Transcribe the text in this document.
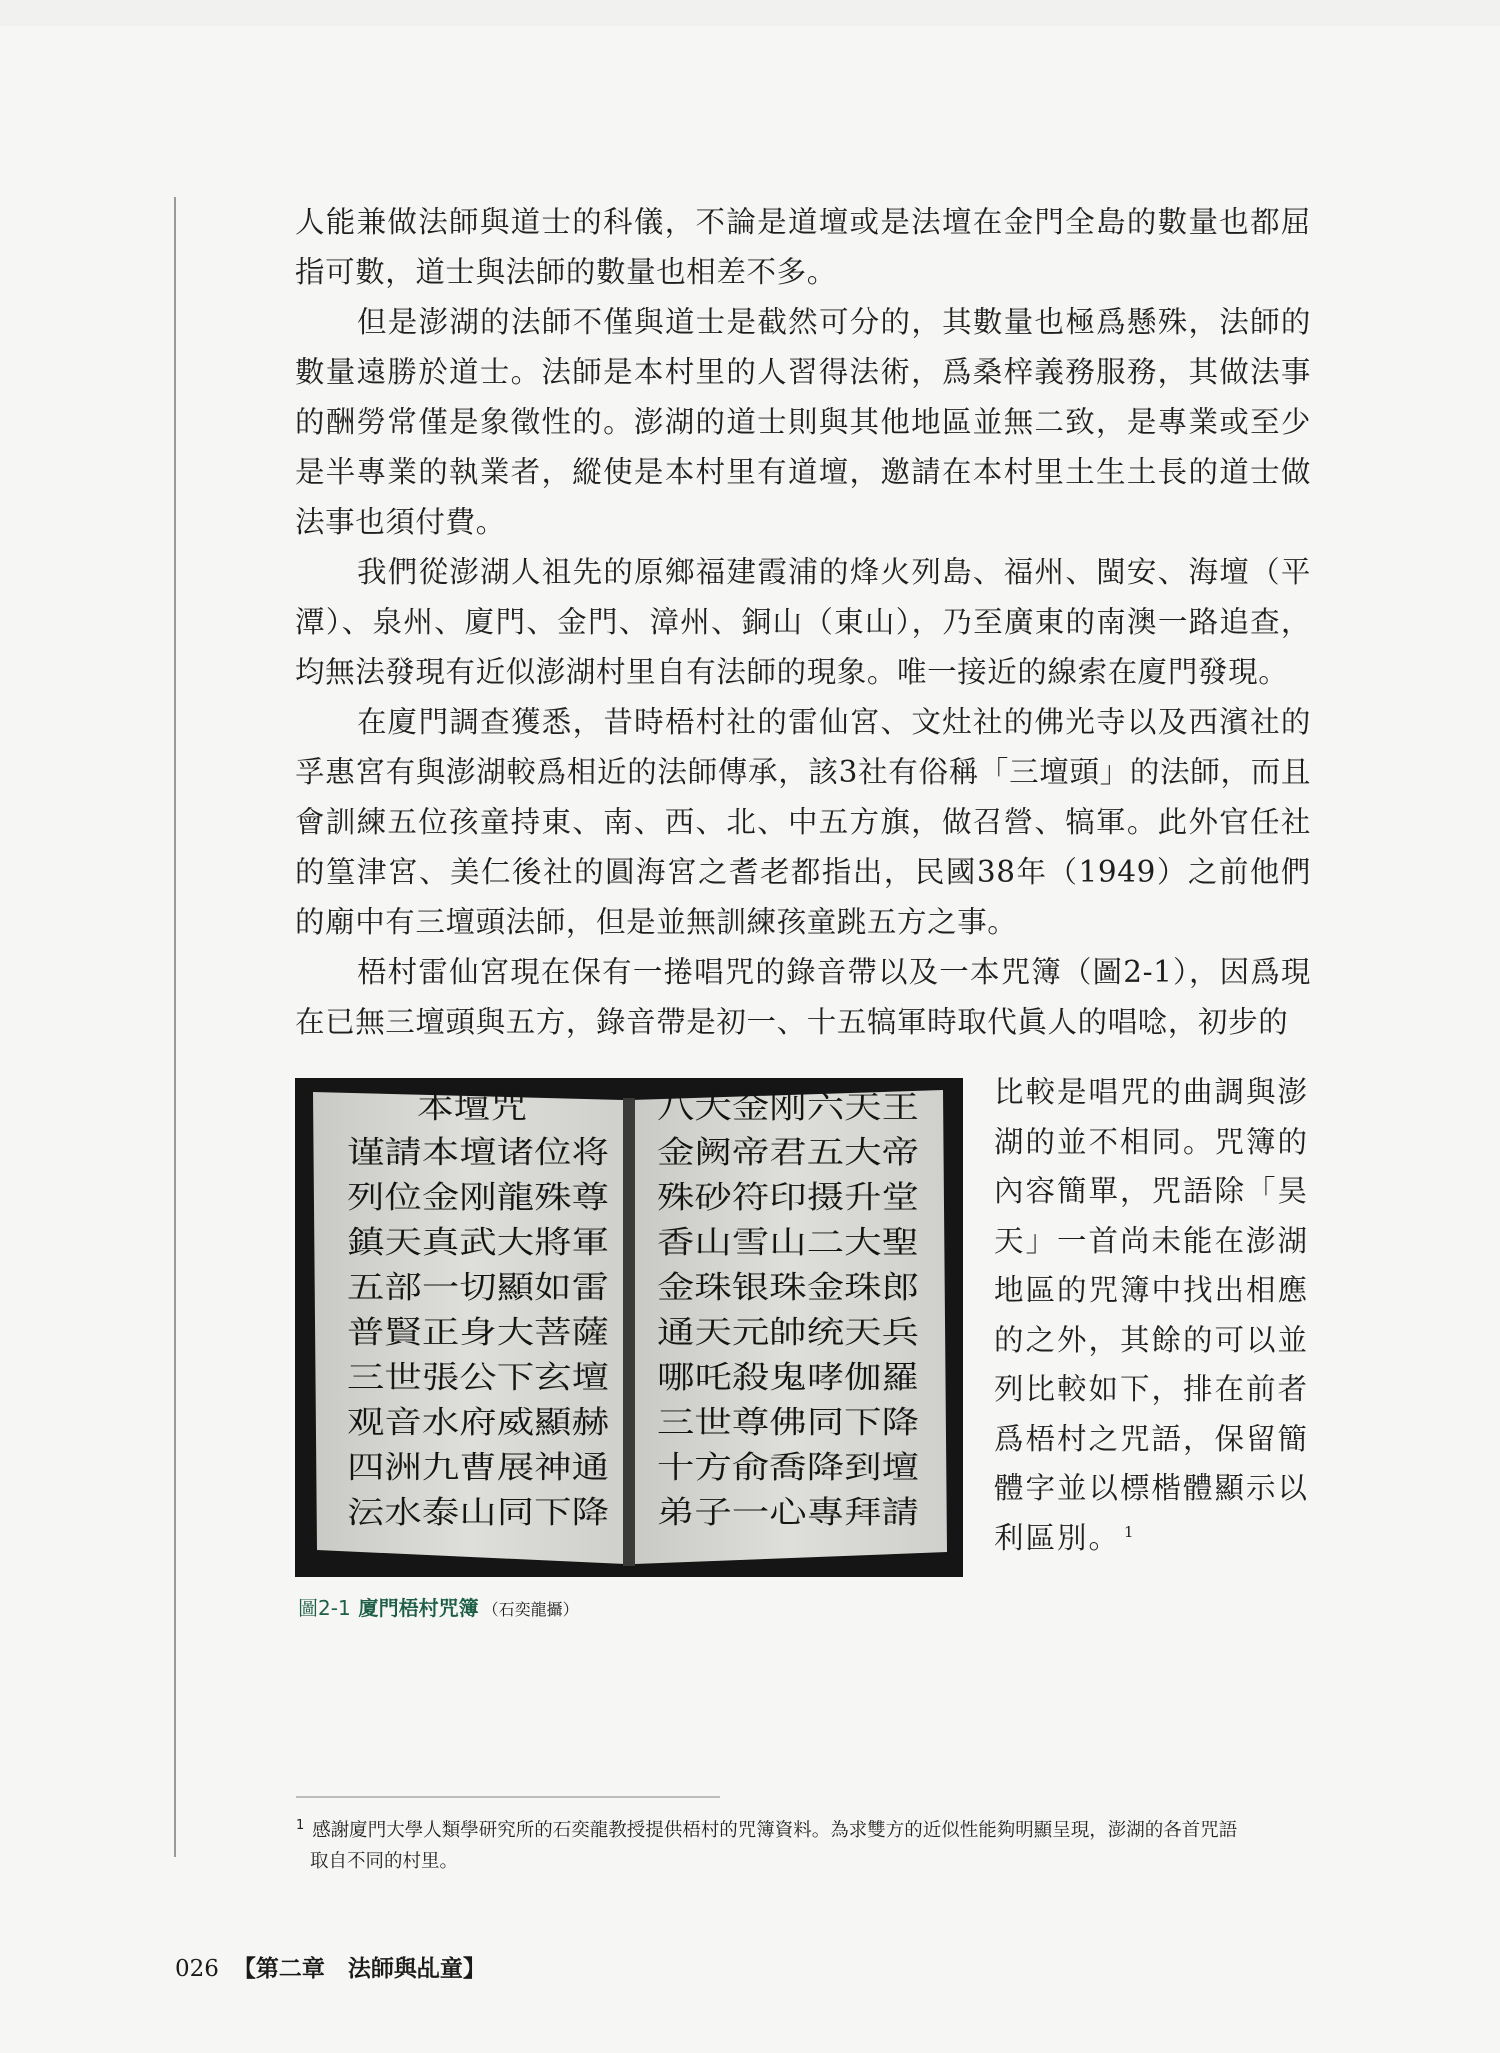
人能兼做法師與道士的科儀，不論是道壇或是法壇在金門全島的數量也都屈指可數，道士與法師的數量也相差不多。

但是澎湖的法師不僅與道士是截然可分的，其數量也極爲懸殊，法師的數量遠勝於道士。法師是本村里的人習得法術，爲桑梓義務服務，其做法事的酬勞常僅是象徵性的。澎湖的道士則與其他地區並無二致，是專業或至少是半專業的執業者，縱使是本村里有道壇，邀請在本村里土生土長的道士做法事也須付費。

我們從澎湖人祖先的原鄉福建霞浦的烽火列島、福州、閩安、海壇（平潭）、泉州、廈門、金門、漳州、銅山（東山），乃至廣東的南澳一路追查，均無法發現有近似澎湖村里自有法師的現象。唯一接近的線索在廈門發現。

在廈門調查獲悉，昔時梧村社的雷仙宮、文灶社的佛光寺以及西濱社的孚惠宮有與澎湖較爲相近的法師傳承，該3社有俗稱「三壇頭」的法師，而且會訓練五位孩童持東、南、西、北、中五方旗，做召營、犒軍。此外官任社的篁津宮、美仁後社的圓海宮之耆老都指出，民國38年（1949）之前他們的廟中有三壇頭法師，但是並無訓練孩童跳五方之事。

梧村雷仙宮現在保有一捲唱咒的錄音帶以及一本咒簿（圖2-1），因爲現在已無三壇頭與五方，錄音帶是初一、十五犒軍時取代眞人的唱唸，初步的

本壇咒
谨請本壇诸位将
列位金刚龍殊尊
鎮天真武大將軍
五部一切顯如雷
普賢正身大菩薩
三世張公下玄壇
观音水府威顯赫
四洲九曹展神通
沄水泰山同下降
八大金刚六天王
金阙帝君五大帝
殊砂符印摄升堂
香山雪山二大聖
金珠银珠金珠郎
通天元帥统天兵
哪吒殺鬼哮伽羅
三世尊佛同下降
十方俞喬降到壇
弟子一心專拜請

比較是唱咒的曲調與澎湖的並不相同。咒簿的內容簡單，咒語除「昊天」一首尚未能在澎湖地區的咒簿中找出相應的之外，其餘的可以並列比較如下，排在前者爲梧村之咒語，保留簡體字並以標楷體顯示以利區別。 $^1$

圖2-1 廈門梧村咒簿 （石奕龍攝）

$^1$ 感謝廈門大學人類學研究所的石奕龍教授提供梧村的咒簿資料。為求雙方的近似性能夠明顯呈現，澎湖的各首咒語
取自不同的村里。

026 【第二章　法師與乩童】
